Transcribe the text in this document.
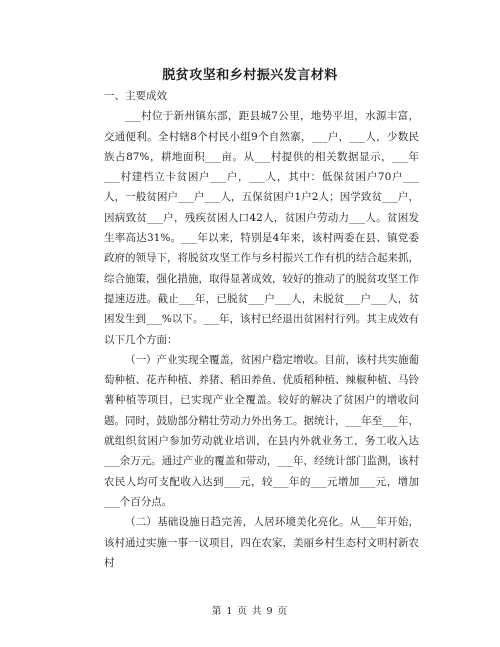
脱贫攻坚和乡村振兴发言材料

一、主要成效

___村位于新州镇东部，距县城7公里，地势平坦，水源丰富，交通便利。全村辖8个村民小组9个自然寨，___户，___人，少数民族占87%，耕地面积___亩。从___村提供的相关数据显示，___年___村建档立卡贫困户___户，___人，其中：低保贫困户70户___人，一般贫困户___户___人，五保贫困户1户2人；因学致贫___户，因病致贫___户，残疾贫困人口42人，贫困户劳动力___人。贫困发生率高达31%。___年以来，特别是4年来，该村两委在县、镇党委政府的领导下，将脱贫攻坚工作与乡村振兴工作有机的结合起来抓，综合施策，强化措施，取得显著成效，较好的推动了的脱贫攻坚工作提速迈进。截止___年，已脱贫___户___人，未脱贫___户___人，贫困发生到___%以下。___年，该村已经退出贫困村行列。其主成效有以下几个方面：

（一）产业实现全覆盖，贫困户稳定增收。目前，该村共实施葡萄种植、花卉种植、养猪、稻田养鱼、优质稻种植、辣椒种植、马铃薯种植等项目，已实现产业全覆盖。较好的解决了贫困户的增收问题。同时，鼓励部分精壮劳动力外出务工。据统计，___年至___年，就组织贫困户参加劳动就业培训，在县内外就业务工，务工收入达___余万元。通过产业的覆盖和带动，___年，经统计部门监测，该村农民人均可支配收入达到___元，较___年的___元增加___元，增加___个百分点。

（二）基础设施日趋完善，人居环境美化亮化。从___年开始，该村通过实施一事一议项目，四在农家，美丽乡村生态村文明村新农村

第 1 页 共 9 页
